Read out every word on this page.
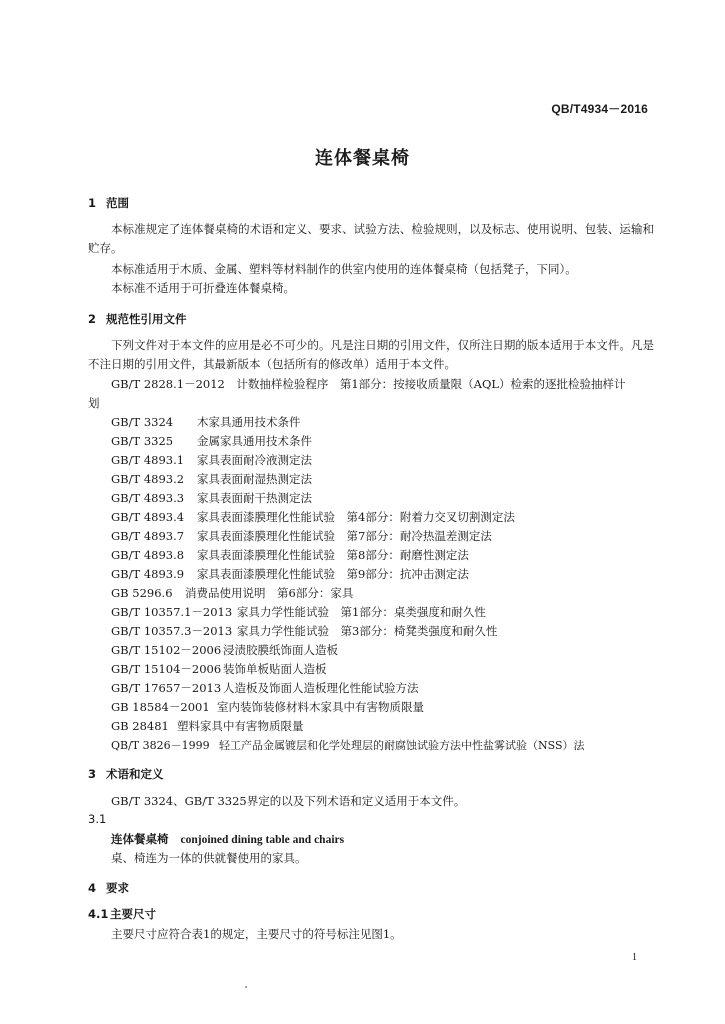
QB/T4934－2016
连体餐桌椅
1 范围
本标准规定了连体餐桌椅的术语和定义、要求、试验方法、检验规则，以及标志、使用说明、包装、运输和贮存。
本标准适用于木质、金属、塑料等材料制作的供室内使用的连体餐桌椅（包括凳子，下同）。
本标准不适用于可折叠连体餐桌椅。
2 规范性引用文件
下列文件对于本文件的应用是必不可少的。凡是注日期的引用文件，仅所注日期的版本适用于本文件。凡是不注日期的引用文件，其最新版本（包括所有的修改单）适用于本文件。
GB/T 2828.1－2012　计数抽样检验程序　第1部分：按接收质量限（AQL）检索的逐批检验抽样计
划
GB/T 3324 木家具通用技术条件
GB/T 3325 金属家具通用技术条件
GB/T 4893.1 家具表面耐冷液测定法
GB/T 4893.2 家具表面耐湿热测定法
GB/T 4893.3 家具表面耐干热测定法
GB/T 4893.4 家具表面漆膜理化性能试验　第4部分：附着力交叉切割测定法
GB/T 4893.7 家具表面漆膜理化性能试验　第7部分：耐冷热温差测定法
GB/T 4893.8 家具表面漆膜理化性能试验　第8部分：耐磨性测定法
GB/T 4893.9 家具表面漆膜理化性能试验　第9部分：抗冲击测定法
GB 5296.6 消费品使用说明　第6部分：家具
GB/T 10357.1－2013 家具力学性能试验　第1部分：桌类强度和耐久性
GB/T 10357.3－2013 家具力学性能试验　第3部分：椅凳类强度和耐久性
GB/T 15102－2006 浸渍胶膜纸饰面人造板
GB/T 15104－2006 装饰单板贴面人造板
GB/T 17657－2013 人造板及饰面人造板理化性能试验方法
GB 18584－2001 室内装饰装修材料木家具中有害物质限量
GB 28481 塑料家具中有害物质限量
QB/T 3826－1999 轻工产品金属镀层和化学处理层的耐腐蚀试验方法中性盐雾试验（NSS）法
3 术语和定义
GB/T 3324、GB/T 3325界定的以及下列术语和定义适用于本文件。
3.1
连体餐桌椅 conjoined dining table and chairs
桌、椅连为一体的供就餐使用的家具。
4 要求
4.1 主要尺寸
主要尺寸应符合表1的规定，主要尺寸的符号标注见图1。
1
